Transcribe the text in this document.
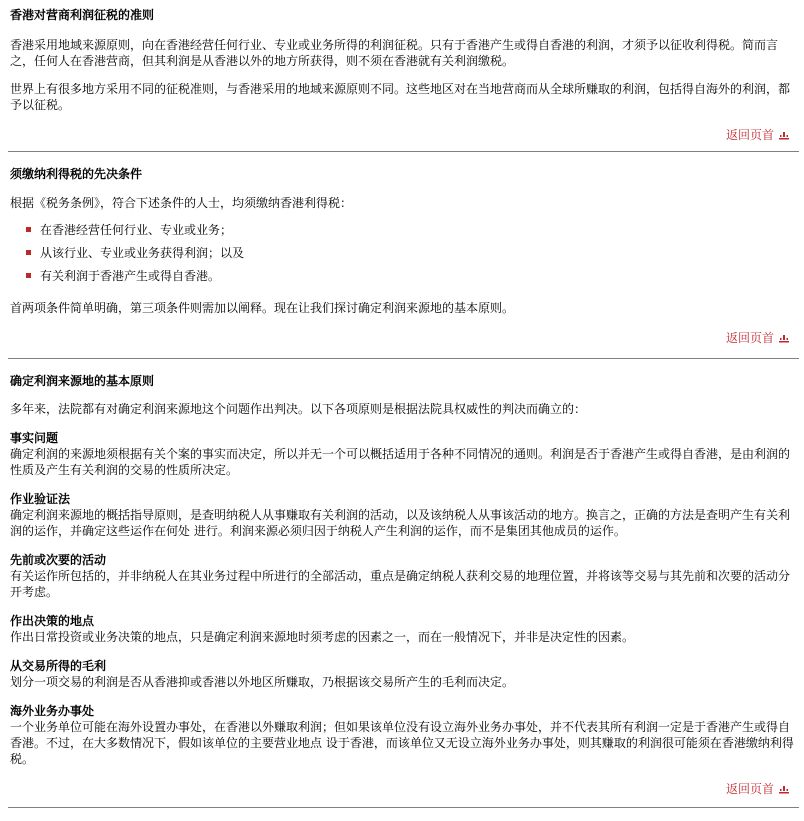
香港对营商利润征税的准则

香港采用地域来源原则，向在香港经营任何行业、专业或业务所得的利润征税。只有于香港产生或得自香港的利润，才须予以征收利得税。简而言之，任何人在香港营商，但其利润是从香港以外的地方所获得，则不须在香港就有关利润缴税。

世界上有很多地方采用不同的征税准则，与香港采用的地域来源原则不同。这些地区对在当地营商而从全球所赚取的利润，包括得自海外的利润，都予以征税。

返回页首
须缴纳利得税的先决条件

根据《税务条例》，符合下述条件的人士，均须缴纳香港利得税：

在香港经营任何行业、专业或业务；
从该行业、专业或业务获得利润；以及
有关利润于香港产生或得自香港。

首两项条件简单明确，第三项条件则需加以阐释。现在让我们探讨确定利润来源地的基本原则。

返回页首
确定利润来源地的基本原则

多年来，法院都有对确定利润来源地这个问题作出判决。以下各项原则是根据法院具权威性的判决而确立的：

事实问题

确定利润的来源地须根据有关个案的事实而决定，所以并无一个可以概括适用于各种不同情况的通则。利润是否于香港产生或得自香港，是由利润的性质及产生有关利润的交易的性质所决定。

作业验证法

确定利润来源地的概括指导原则，是查明纳税人从事赚取有关利润的活动，以及该纳税人从事该活动的地方。换言之，正确的方法是查明产生有关利润的运作，并确定这些运作在何处 进行。利润来源必须归因于纳税人产生利润的运作，而不是集团其他成员的运作。

先前或次要的活动

有关运作所包括的，并非纳税人在其业务过程中所进行的全部活动，重点是确定纳税人获利交易的地理位置，并将该等交易与其先前和次要的活动分开考虑。

作出决策的地点

作出日常投资或业务决策的地点，只是确定利润来源地时须考虑的因素之一，而在一般情况下，并非是决定性的因素。

从交易所得的毛利

划分一项交易的利润是否从香港抑或香港以外地区所赚取，乃根据该交易所产生的毛利而决定。

海外业务办事处

一个业务单位可能在海外设置办事处，在香港以外赚取利润；但如果该单位没有设立海外业务办事处，并不代表其所有利润一定是于香港产生或得自香港。不过，在大多数情况下，假如该单位的主要营业地点 设于香港，而该单位又无设立海外业务办事处，则其赚取的利润很可能须在香港缴纳利得税。

返回页首
